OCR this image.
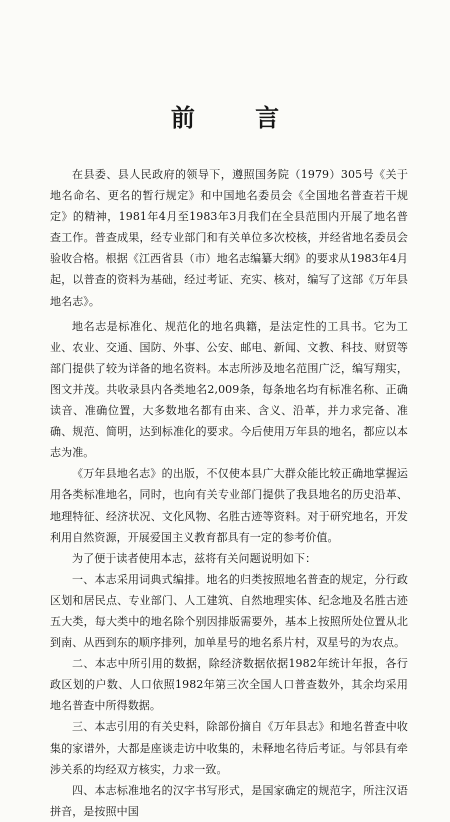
前 言

在县委、县人民政府的领导下，遵照国务院（1979）305号《关于地名命名、更名的暂行规定》和中国地名委员会《全国地名普查若干规定》的精神，1981年4月至1983年3月我们在全县范围内开展了地名普查工作。普查成果，经专业部门和有关单位多次校核，并经省地名委员会验收合格。根据《江西省县（市）地名志编纂大纲》的要求从1983年4月起，以普查的资料为基础，经过考证、充实、核对，编写了这部《万年县地名志》。

地名志是标准化、规范化的地名典籍，是法定性的工具书。它为工业、农业、交通、国防、外事、公安、邮电、新闻、文教、科技、财贸等部门提供了较为详备的地名资料。本志所涉及地名范围广泛，编写翔实，图文并茂。共收录县内各类地名2,009条，每条地名均有标准名称、正确读音、准确位置，大多数地名都有由来、含义、沿革，并力求完备、准确、规范、简明，达到标准化的要求。今后使用万年县的地名，都应以本志为准。

《万年县地名志》的出版，不仅使本县广大群众能比较正确地掌握运用各类标准地名，同时，也向有关专业部门提供了我县地名的历史沿革、地理特征、经济状况、文化风物、名胜古迹等资料。对于研究地名，开发利用自然资源，开展爱国主义教育都具有一定的参考价值。

为了便于读者使用本志，兹将有关问题说明如下：

一、本志采用词典式编排。地名的归类按照地名普查的规定，分行政区划和居民点、专业部门、人工建筑、自然地理实体、纪念地及名胜古迹五大类，每大类中的地名除个别因排版需要外，基本上按照所处位置从北到南、从西到东的顺序排列，加单星号的地名系片村，双星号的为农点。

二、本志中所引用的数据，除经济数据依据1982年统计年报，各行政区划的户数、人口依照1982年第三次全国人口普查数外，其余均采用地名普查中所得数据。

三、本志引用的有关史料，除部份摘自《万年县志》和地名普查中收集的家谱外，大都是座谈走访中收集的，未释地名待后考证。与邻县有牵涉关系的均经双方核实，力求一致。

四、本志标准地名的汉字书写形式，是国家确定的规范字，所注汉语拼音，是按照中国
